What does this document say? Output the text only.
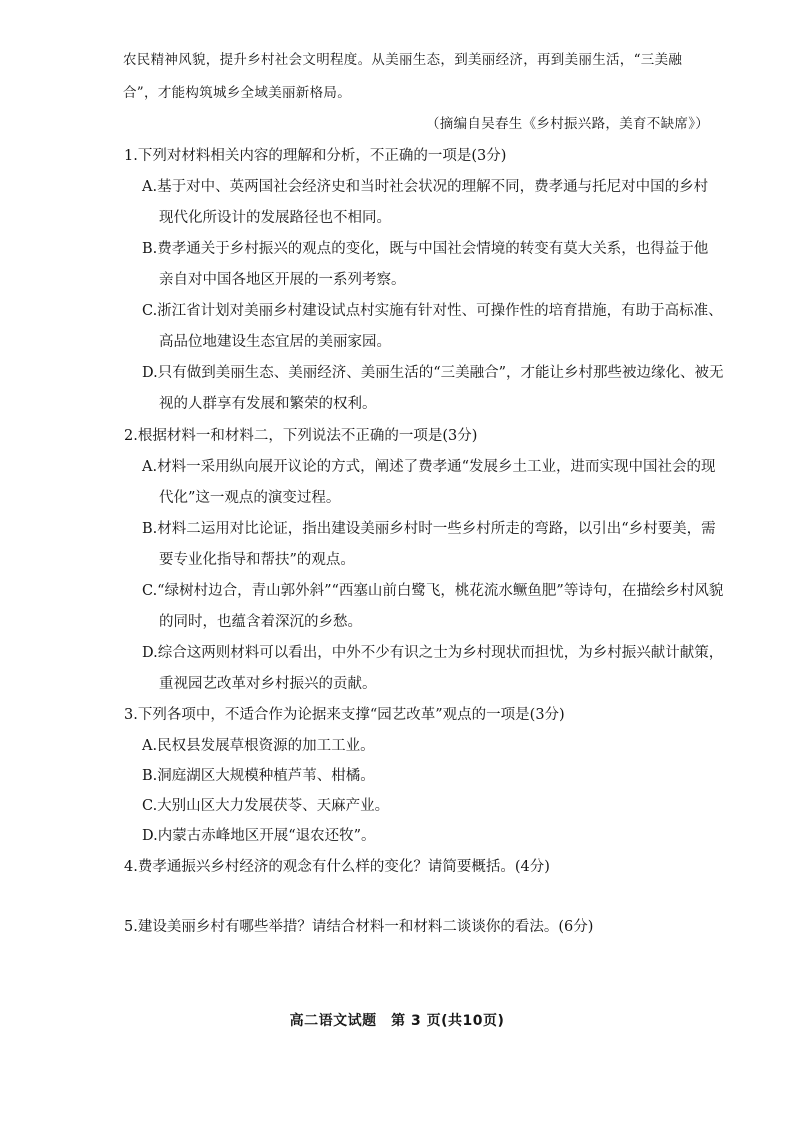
农民精神风貌，提升乡村社会文明程度。从美丽生态，到美丽经济，再到美丽生活，“三美融
合”，才能构筑城乡全域美丽新格局。
（摘编自吴春生《乡村振兴路，美育不缺席》）
1.下列对材料相关内容的理解和分析，不正确的一项是(3分)
A.基于对中、英两国社会经济史和当时社会状况的理解不同，费孝通与托尼对中国的乡村
现代化所设计的发展路径也不相同。
B.费孝通关于乡村振兴的观点的变化，既与中国社会情境的转变有莫大关系，也得益于他
亲自对中国各地区开展的一系列考察。
C.浙江省计划对美丽乡村建设试点村实施有针对性、可操作性的培育措施，有助于高标准、
高品位地建设生态宜居的美丽家园。
D.只有做到美丽生态、美丽经济、美丽生活的“三美融合”，才能让乡村那些被边缘化、被无
视的人群享有发展和繁荣的权利。
2.根据材料一和材料二，下列说法不正确的一项是(3分)
A.材料一采用纵向展开议论的方式，阐述了费孝通“发展乡土工业，进而实现中国社会的现
代化”这一观点的演变过程。
B.材料二运用对比论证，指出建设美丽乡村时一些乡村所走的弯路，以引出“乡村要美，需
要专业化指导和帮扶”的观点。
C.“绿树村边合，青山郭外斜”“西塞山前白鹭飞，桃花流水鳜鱼肥”等诗句，在描绘乡村风貌
的同时，也蕴含着深沉的乡愁。
D.综合这两则材料可以看出，中外不少有识之士为乡村现状而担忧，为乡村振兴献计献策，
重视园艺改革对乡村振兴的贡献。
3.下列各项中，不适合作为论据来支撑“园艺改革”观点的一项是(3分)
A.民权县发展草根资源的加工工业。
B.洞庭湖区大规模种植芦苇、柑橘。
C.大别山区大力发展茯苓、天麻产业。
D.内蒙古赤峰地区开展“退农还牧”。
4.费孝通振兴乡村经济的观念有什么样的变化？请简要概括。(4分)
5.建设美丽乡村有哪些举措？请结合材料一和材料二谈谈你的看法。(6分)
高二语文试题　第 3 页(共10页)
